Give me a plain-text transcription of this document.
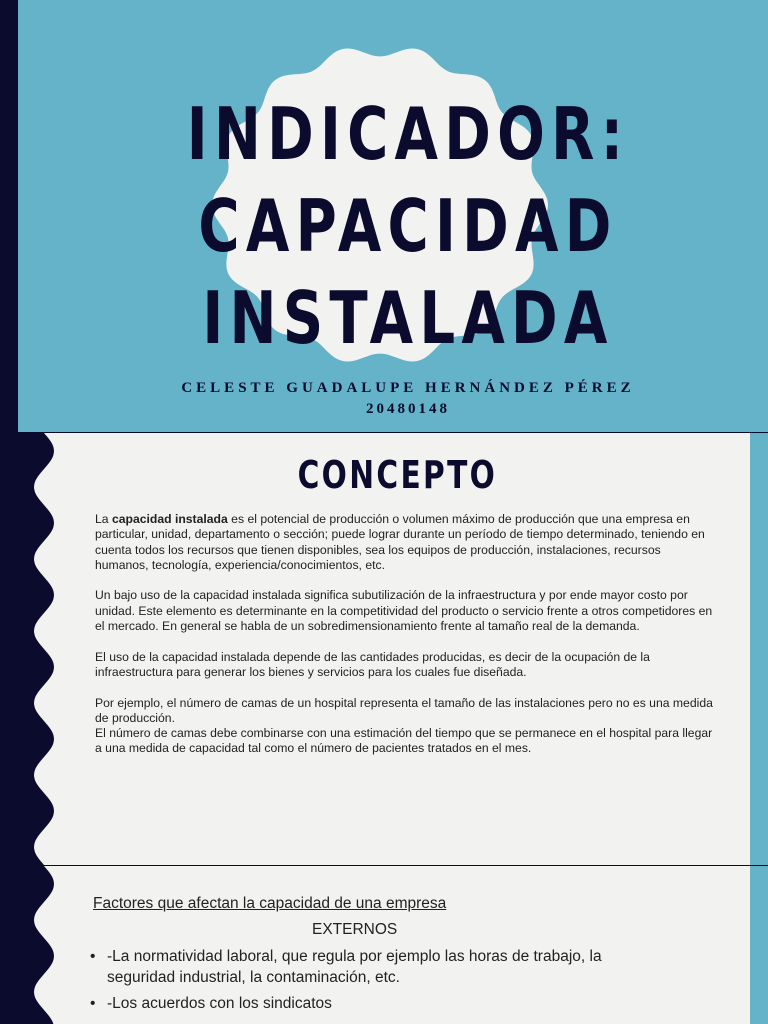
INDICADOR:
CAPACIDAD
INSTALADA
CELESTE GUADALUPE HERNÁNDEZ PÉREZ
20480148
CONCEPTO

La capacidad instalada es el potencial de producción o volumen máximo de producción que una empresa en particular, unidad, departamento o sección; puede lograr durante un período de tiempo determinado, teniendo en cuenta todos los recursos que tienen disponibles, sea los equipos de producción, instalaciones, recursos humanos, tecnología, experiencia/conocimientos, etc.

Un bajo uso de la capacidad instalada significa subutilización de la infraestructura y por ende mayor costo por unidad. Este elemento es determinante en la competitividad del producto o servicio frente a otros competidores en el mercado. En general se habla de un sobredimensionamiento frente al tamaño real de la demanda.

El uso de la capacidad instalada depende de las cantidades producidas, es decir de la ocupación de la infraestructura para generar los bienes y servicios para los cuales fue diseñada.

Por ejemplo, el número de camas de un hospital representa el tamaño de las instalaciones pero no es una medida de producción.
El número de camas debe combinarse con una estimación del tiempo que se permanece en el hospital para llegar a una medida de capacidad tal como el número de pacientes tratados en el mes.

Factores que afectan la capacidad de una empresa
EXTERNOS
• -La normatividad laboral, que regula por ejemplo las horas de trabajo, la seguridad industrial, la contaminación, etc.
• -Los acuerdos con los sindicatos
